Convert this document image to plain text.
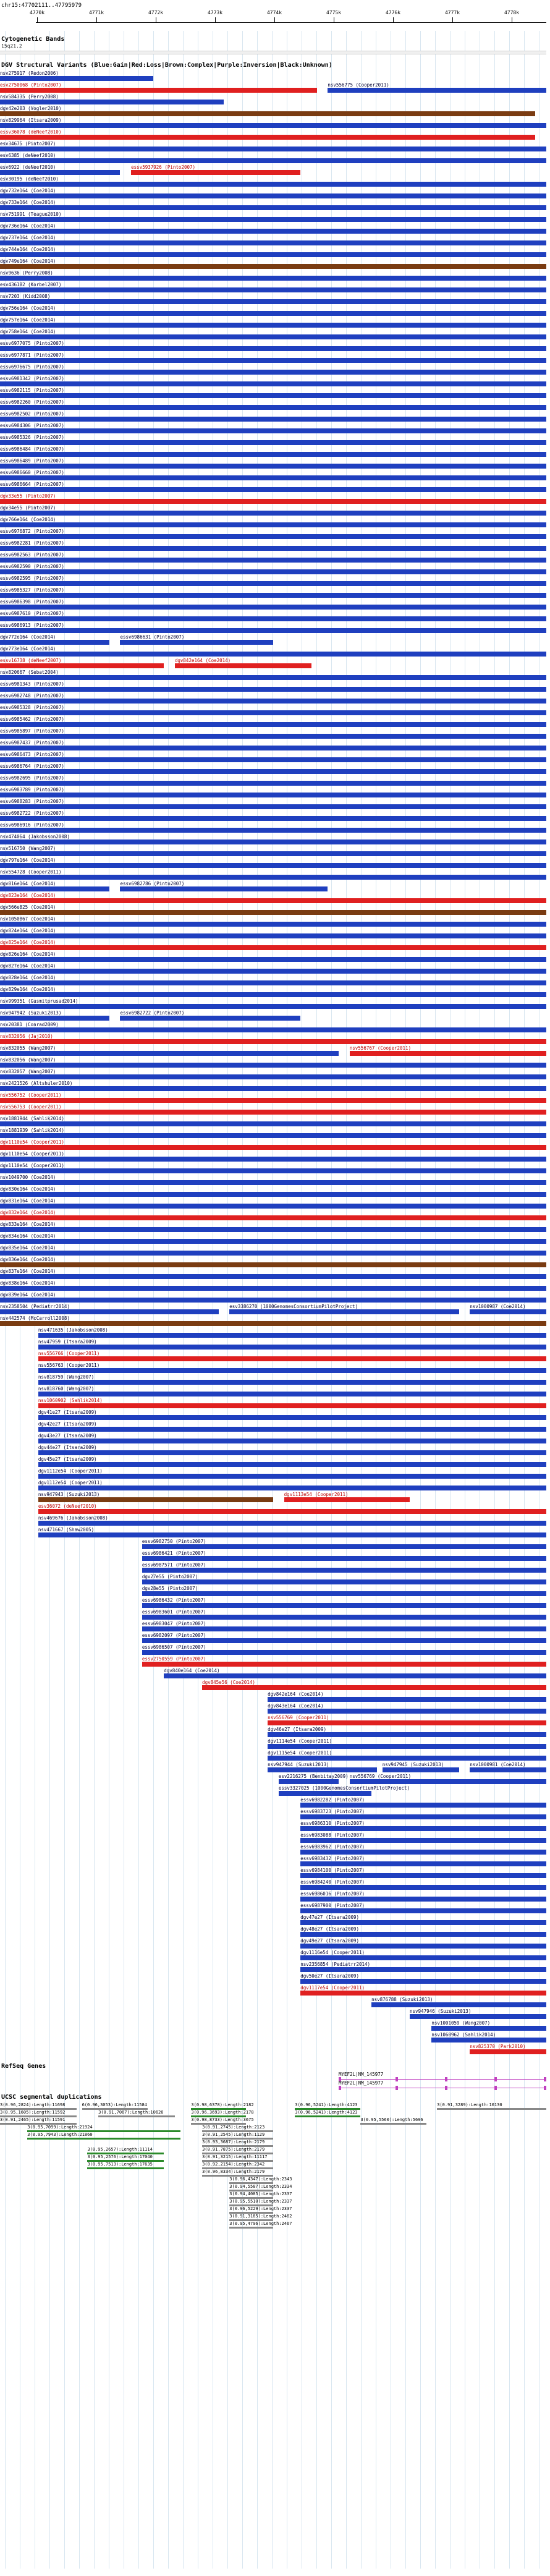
chr15:47702111..47795979
4770k	4771k	4772k	4773k	4774k	4775k	4776k	4777k	4778k
Cytogenetic Bands
15q21.2
DGV Structural Variants (Blue:Gain|Red:Loss|Brown:Complex|Purple:Inversion|Black:Unknown)
nsv275917 (Redon2006)
esv2750068 (Pinto2007)	nsv556775 (Cooper2011)
nsv584335 (Perry2008)
dgv42e203 (Vogler2010)
nsv829964 (Itsara2009)
essv36078 (deNeef2010)
esv34675 (Pinto2007)
esv6385 (deNeef2010)
esv6922 (deNeef2010)	essv5937926 (Pinto2007)
esv30195 (deNeef2010)
dgv732e164 (Coe2014)
dgv733e164 (Coe2014)
nsv751991 (Teague2010)
dgv736e164 (Coe2014)
dgv737e164 (Coe2014)
dgv744e164 (Coe2014)
dgv749e164 (Coe2014)
nsv9636 (Perry2008)
esv436182 (Korbel2007)
nsv7203 (Kidd2008)
dgv756e164 (Coe2014)
dgv757e164 (Coe2014)
dgv758e164 (Coe2014)
essv6977075 (Pinto2007)
essv6977871 (Pinto2007)
essv6976675 (Pinto2007)
essv6981342 (Pinto2007)
essv6982115 (Pinto2007)
essv6982260 (Pinto2007)
essv6982502 (Pinto2007)
essv6984306 (Pinto2007)
essv6985326 (Pinto2007)
essv6986484 (Pinto2007)
essv6986489 (Pinto2007)
essv6986660 (Pinto2007)
essv6986664 (Pinto2007)
dgv33e55 (Pinto2007)
dgv34e55 (Pinto2007)
dgv766e164 (Coe2014)
essv6976872 (Pinto2007)
essv6982281 (Pinto2007)
essv6982563 (Pinto2007)
essv6982590 (Pinto2007)
essv6982595 (Pinto2007)
essv6985327 (Pinto2007)
essv6986398 (Pinto2007)
essv6987610 (Pinto2007)
essv6986913 (Pinto2007)
dgv772e164 (Coe2014)	essv6986631 (Pinto2007)
dgv773e164 (Coe2014)
essv16738 (deNeef2007)	dgv842e164 (Coe2014)
nsv820667 (Sebat2004)
essv6981343 (Pinto2007)
essv6982748 (Pinto2007)
essv6985328 (Pinto2007)
essv6985462 (Pinto2007)
essv6985897 (Pinto2007)
essv6987437 (Pinto2007)
essv6986473 (Pinto2007)
essv6986764 (Pinto2007)
essv6982695 (Pinto2007)
essv6983789 (Pinto2007)
essv6988283 (Pinto2007)
essv6982722 (Pinto2007)
essv6986916 (Pinto2007)
nsv474064 (Jakobsson2008)
nsv516750 (Wang2007)
dgv797e164 (Coe2014)
nsv554728 (Cooper2011)
dgv816e164 (Coe2014)	essv6982786 (Pinto2007)
dgv823e164 (Coe2014)
dgv566e825 (Coe2014)
nsv1050867 (Coe2014)
dgv824e164 (Coe2014)
dgv825e164 (Coe2014)
dgv826e164 (Coe2014)
dgv827e164 (Coe2014)
dgv828e164 (Coe2014)
dgv829e164 (Coe2014)
nsv999351 (Gusmitprusad2014)
nsv947942 (Suzuki2013)	essv6982722 (Pinto2007)
nsv20381 (Conrad2009)
nsv832056 (Jaj2010)
nsv832055 (Wang2007)	nsv556767 (Cooper2011)
nsv832056 (Wang2007)
nsv832057 (Wang2007)
nsv2421526 (Altshuler2010)
nsv556752 (Cooper2011)
nsv556753 (Cooper2011)
nsv1881944 (Sahlik2014)
nsv1881939 (Sahlik2014)
dgv1110e54 (Cooper2011)
dgv1110e54 (Cooper2011)
dgv1110e54 (Cooper2011)
nsv1049700 (Coe2014)
dgv830e164 (Coe2014)
dgv831e164 (Coe2014)
dgv832e164 (Coe2014)
dgv833e164 (Coe2014)
dgv834e164 (Coe2014)
dgv835e164 (Coe2014)
dgv836e164 (Coe2014)
dgv837e164 (Coe2014)
dgv838e164 (Coe2014)
dgv839e164 (Coe2014)
nsv2358504 (Pediatrr2014)	esv3386270 (1000GenomesConsortiumPilotProject)	nsv1000987 (Coe2014)
nsv442574 (McCarroll2008)
nsv471635 (Jakobsson2008)
nsv47959 (Itsara2009)
nsv556766 (Cooper2011)
nsv556763 (Cooper2011)
nsv818759 (Wang2007)
nsv818760 (Wang2007)
nsv1060902 (Sahlik2014)
dgv41e27 (Itsara2009)
dgv42e27 (Itsara2009)
dgv43e27 (Itsara2009)
dgv44e27 (Itsara2009)
dgv45e27 (Itsara2009)
dgv1112e54 (Cooper2011)
dgv1112e54 (Cooper2011)
nsv947943 (Suzuki2013)	dgv1113e54 (Cooper2011)
esv36072 (deNeef2010)
nsv469676 (Jakobsson2008)
nsv471667 (Shaw2005)
essv6982750 (Pinto2007)
essv6986421 (Pinto2007)
essv6987571 (Pinto2007)
dgv27e55 (Pinto2007)
dgv28e55 (Pinto2007)
essv6986432 (Pinto2007)
essv6983601 (Pinto2007)
essv6983047 (Pinto2007)
essv6982097 (Pinto2007)
essv6986507 (Pinto2007)
essv2750559 (Pinto2007)
dgv840e164 (Coe2014)
dgv845e56 (Coe2014)
dgv842e164 (Coe2014)
dgv843e164 (Coe2014)
nsv556769 (Cooper2011)
dgv46e27 (Itsara2009)
dgv1114e54 (Cooper2011)
dgv1115e54 (Cooper2011)
nsv947944 (Suzuki2013)	nsv947945 (Suzuki2013)	nsv1000981 (Coe2014)
esv2216275 (Benbitay2009) nsv556769 (Cooper2011)
essv3327025 (1000GenomesConsortiumPilotProject)
essv6982282 (Pinto2007)
essv6983723 (Pinto2007)
essv6986310 (Pinto2007)
essv6983088 (Pinto2007)
essv6983962 (Pinto2007)
essv6983432 (Pinto2007)
essv6984100 (Pinto2007)
essv6984240 (Pinto2007)
essv6986016 (Pinto2007)
essv6987900 (Pinto2007)
dgv47e27 (Itsara2009)
dgv48e27 (Itsara2009)
dgv49e27 (Itsara2009)
dgv1116e54 (Cooper2011)
nsv2356854 (Pediatrr2014)
dgv50e27 (Itsara2009)
dgv1117e54 (Cooper2011)
nsv876788 (Suzuki2013)
nsv947946 (Suzuki2013)
nsv1001059 (Wang2007)
nsv1060962 (Sahlik2014)
nsv825370 (Park2010)
RefSeq Genes
MYEF2L|NM_145977
MYEF2L|NM_145977
UCSC segmental duplications
3(0.96,2824):Length:11698	6(0.96,3053):Length:11584	3(0.98,6378):Length:2182	3(0.96,5241):Length:4123	3(0.91,3289):Length:16130
3(0.95,1605):Length:11592	3(0.91,7067):Length:10626	3(0.96,3693):Length:2178	3(0.96,5241):Length:4123
3(0.91,2465):Length:11591	3(0.98,8733):Length:3675	3(0.95,5560):Length:5696
3(0.95,7099):Length:21924	3(0.91,2745):Length:2123
3(0.95,7943):Length:21860	3(0.91,2545):Length:1129
3(0.93,3687):Length:2179
3(0.95,2657):Length:11114	3(0.91,7875):Length:2179
3(0.95,2576):Length:17040	3(0.91,3215):Length:11117
3(0.95,7513):Length:17635	3(0.92,2154):Length:2342
3(0.96,8334):Length:2179
3(0.96,4347):Length:2343
3(0.94,5587):Length:2334
3(0.94,4085):Length:2337
3(0.95,5510):Length:2337
3(0.96,5229):Length:2337
3(0.91,3185):Length:2462
3(0.95,4796):Length:2467
